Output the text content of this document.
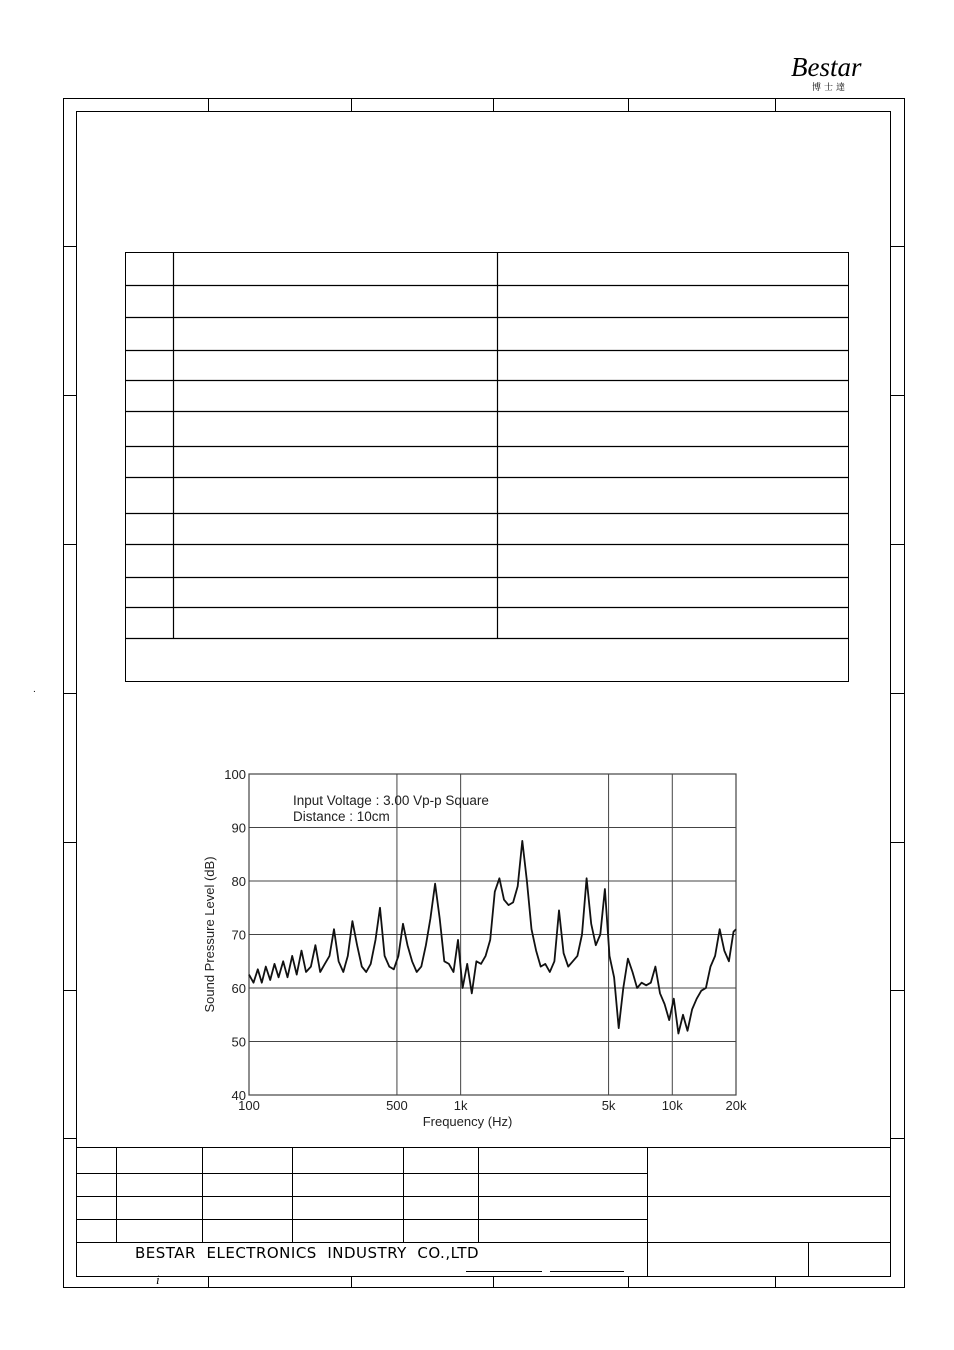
Bestar
博士達
.
40
50
60
70
80
90
100
100	500	1k	5k	10k	20k
Frequency (Hz)
Sound Pressure Level (dB)
Input Voltage : 3.00 Vp-p Square
Distance : 10cm
BESTAR  ELECTRONICS  INDUSTRY  CO.,LTD
i
